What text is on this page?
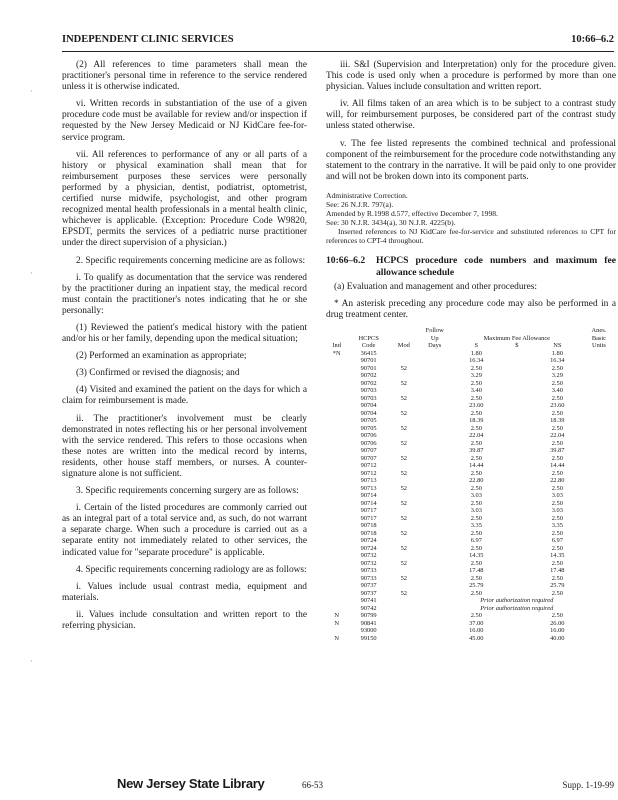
INDEPENDENT CLINIC SERVICES	10:66–6.2
·
·
·

(2) All references to time parameters shall mean the practitioner's personal time in reference to the service rendered unless it is otherwise indicated.

vi. Written records in substantiation of the use of a given procedure code must be available for review and/or inspection if requested by the New Jersey Medicaid or NJ KidCare fee-for-service program.

vii. All references to performance of any or all parts of a history or physical examination shall mean that for reimbursement purposes these services were personally performed by a physician, dentist, podiatrist, optometrist, certified nurse midwife, psychologist, and other program recognized mental health professionals in a mental health clinic, whichever is applicable. (Exception: Procedure Code W9820, EPSDT, permits the services of a pediatric nurse practitioner under the direct supervision of a physician.)

2. Specific requirements concerning medicine are as follows:

i. To qualify as documentation that the service was rendered by the practitioner during an inpatient stay, the medical record must contain the practitioner's notes indicating that he or she personally:

(1) Reviewed the patient's medical history with the patient and/or his or her family, depending upon the medical situation;

(2) Performed an examination as appropriate;

(3) Confirmed or revised the diagnosis; and

(4) Visited and examined the patient on the days for which a claim for reimbursement is made.

ii. The practitioner's involvement must be clearly demonstrated in notes reflecting his or her personal involvement with the service rendered. This refers to those occasions when these notes are written into the medical record by interns, residents, other house staff members, or nurses. A counter-signature alone is not sufficient.

3. Specific requirements concerning surgery are as follows:

i. Certain of the listed procedures are commonly carried out as an integral part of a total service and, as such, do not warrant a separate charge. When such a procedure is carried out as a separate entity not immediately related to other services, the indicated value for "separate procedure" is applicable.

4. Specific requirements concerning radiology are as follows:

i. Values include usual contrast media, equipment and materials.

ii. Values include consultation and written report to the referring physician.

iii. S&I (Supervision and Interpretation) only for the procedure given. This code is used only when a procedure is performed by more than one physician. Values include consultation and written report.

iv. All films taken of an area which is to be subject to a contrast study will, for reimbursement purposes, be considered part of the contrast study unless stated otherwise.

v. The fee listed represents the combined technical and professional component of the reimbursement for the procedure code notwithstanding any statement to the contrary in the narrative. It will be paid only to one provider and will not be broken down into its component parts.

Administrative Correction.
See: 26 N.J.R. 797(a).
Amended by R.1998 d.577, effective December 7, 1998.
See: 30 N.J.R. 3434(a), 30 N.J.R. 4225(b).
Inserted references to NJ KidCare fee-for-service and substituted references to CPT for references to CPT-4 throughout.
10:66–6.2	HCPCS procedure code numbers and maximum fee allowance schedule
(a) Evaluation and management and other procedures:
* An asterisk preceding any procedure code may also be performed in a drug treatment center.
	HCPCS		Follow
Up	Maximum Fee Allowance			Anes.
Basic
Ind	Code	Mod	Days	S	$	NS	Units
*N	36415			1.80		1.80	
	90701			16.34		16.34	
	90701	52		2.50		2.50	
	90702			3.29		3.29	
	90702	52		2.50		2.50	
	90703			3.40		3.40	
	90703	52		2.50		2.50	
	90704			23.60		23.60	
	90704	52		2.50		2.50	
	90705			18.39		18.39	
	90705	52		2.50		2.50	
	90706			22.04		22.04	
	90706	52		2.50		2.50	
	90707			39.87		39.87	
	90707	52		2.50		2.50	
	90712			14.44		14.44	
	90712	52		2.50		2.50	
	90713			22.80		22.80	
	90713	52		2.50		2.50	
	90714			3.03		3.03	
	90714	52		2.50		2.50	
	90717			3.03		3.03	
	90717	52		2.50		2.50	
	90718			3.35		3.35	
	90718	52		2.50		2.50	
	90724			6.97		6.97	
	90724	52		2.50		2.50	
	90732			14.35		14.35	
	90732	52		2.50		2.50	
	90733			17.48		17.48	
	90733	52		2.50		2.50	
	90737			25.79		25.79	
	90737	52		2.50		2.50	
	90741			Prior authorization required			
	90742			Prior authorization required			
N	90799			2.50		2.50	
N	90841			37.00		26.00	
	93000			16.00		16.00	
N	99150			45.00		40.00	
New Jersey State Library	66-53	Supp. 1-19-99
